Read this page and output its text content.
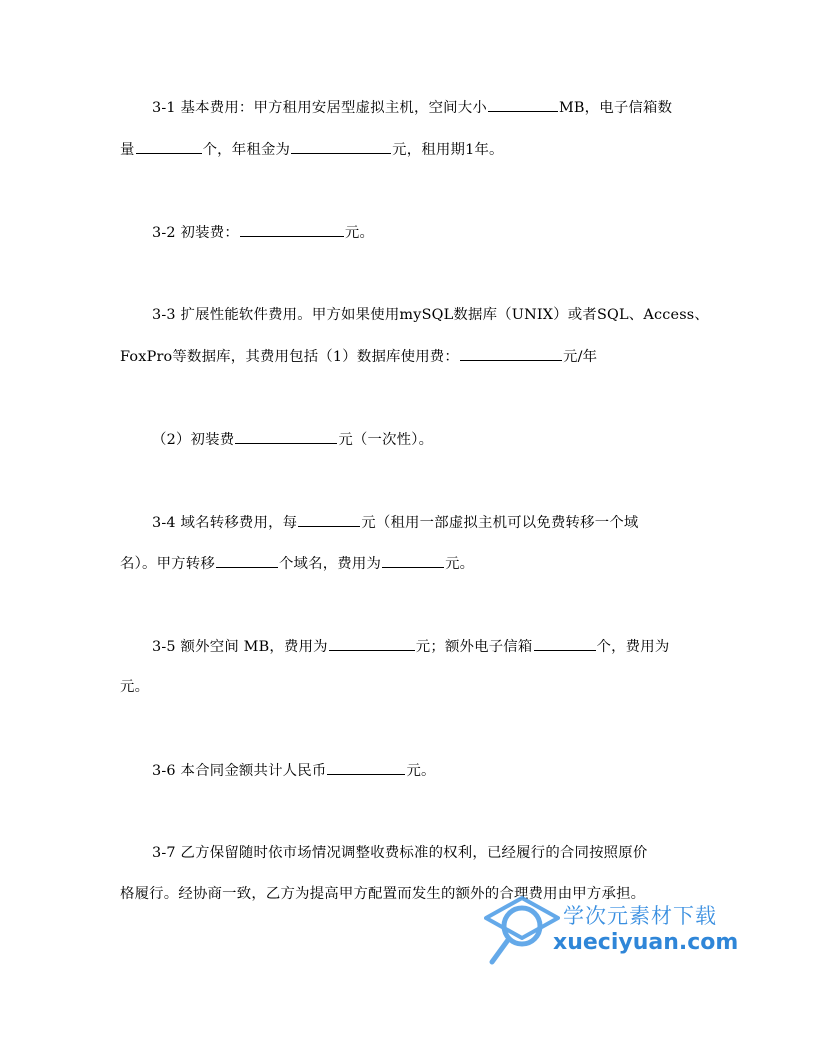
3-1 基本费用：甲方租用安居型虚拟主机，空间大小	MB，电子信箱数
量	个，年租金为	元，租用期1年。
3-2 初装费：	元。
3-3 扩展性能软件费用。甲方如果使用mySQL数据库（UNIX）或者SQL、Access、
FoxPro等数据库，其费用包括（1）数据库使用费：	元/年
（2）初装费	元（一次性）。
3-4 域名转移费用，每	元（租用一部虚拟主机可以免费转移一个域
名）。甲方转移	个域名，费用为	元。
3-5 额外空间 MB，费用为	元；额外电子信箱	个，费用为
元。
3-6 本合同金额共计人民币	元。
3-7 乙方保留随时依市场情况调整收费标准的权利，已经履行的合同按照原价
格履行。经协商一致，乙方为提高甲方配置而发生的额外的合理费用由甲方承担。
学次元素材下载
xueciyuan.com
